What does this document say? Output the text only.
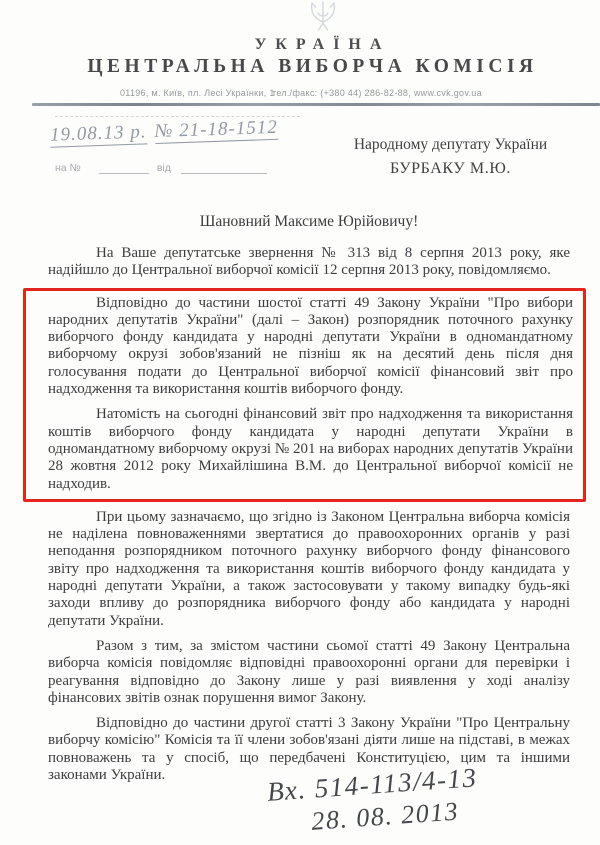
УКРАЇНА
ЦЕНТРАЛЬНА ВИБОРЧА КОМІСІЯ
01196, м. Київ, пл. Лесі Українки, 1
тел./факс: (+380 44) 286-82-88, www.cvk.gov.ua
19.08.13 р. № 21-18-1512
на №	від
Народному депутату України
БУРБАКУ М.Ю.
Шановний Максиме Юрійовичу!

На Ваше депутатське звернення № 313 від 8 серпня 2013 року, яке надійшло до Центральної виборчої комісії 12 серпня 2013 року, повідомляємо.

Відповідно до частини шостої статті 49 Закону України "Про вибори народних депутатів України" (далі – Закон) розпорядник поточного рахунку виборчого фонду кандидата у народні депутати України в одномандатному виборчому окрузі зобов'язаний не пізніш як на десятий день після дня голосування подати до Центральної виборчої комісії фінансовий звіт про надходження та використання коштів виборчого фонду.

Натомість на сьогодні фінансовий звіт про надходження та використання коштів виборчого фонду кандидата у народні депутати України в одномандатному виборчому окрузі № 201 на виборах народних депутатів України 28 жовтня 2012 року Михайлішина В.М. до Центральної виборчої комісії не надходив.

При цьому зазначаємо, що згідно із Законом Центральна виборча комісія не наділена повноваженнями звертатися до правоохоронних органів у разі неподання розпорядником поточного рахунку виборчого фонду фінансового звіту про надходження та використання коштів виборчого фонду кандидата у народні депутати України, а також застосовувати у такому випадку будь-які заходи впливу до розпорядника виборчого фонду або кандидата у народні депутати України.

Разом з тим, за змістом частини сьомої статті 49 Закону Центральна виборча комісія повідомляє відповідні правоохоронні органи для перевірки і реагування відповідно до Закону лише у разі виявлення у ході аналізу фінансових звітів ознак порушення вимог Закону.

Відповідно до частини другої статті 3 Закону України "Про Центральну виборчу комісію" Комісія та її члени зобов'язані діяти лише на підставі, в межах повноважень та у спосіб, що передбачені Конституцією, цим та іншими законами України.	Вх. 514-113/4-13
28. 08. 2013
